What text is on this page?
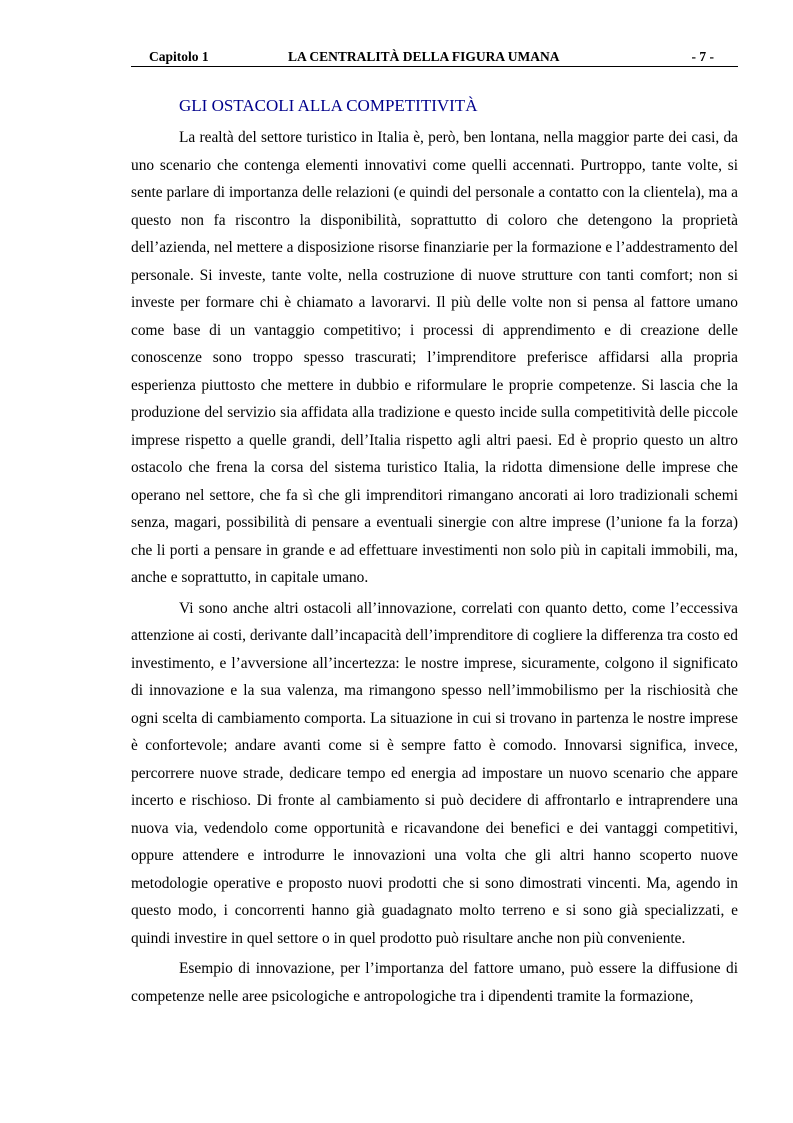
Capitolo 1	LA CENTRALITÀ DELLA FIGURA UMANA	- 7 -
GLI OSTACOLI ALLA COMPETITIVITÀ

La realtà del settore turistico in Italia è, però, ben lontana, nella maggior parte dei casi, da uno scenario che contenga elementi innovativi come quelli accennati. Purtroppo, tante volte, si sente parlare di importanza delle relazioni (e quindi del personale a contatto con la clientela), ma a questo non fa riscontro la disponibilità, soprattutto di coloro che detengono la proprietà dell’azienda, nel mettere a disposizione risorse finanziarie per la formazione e l’addestramento del personale. Si investe, tante volte, nella costruzione di nuove strutture con tanti comfort; non si investe per formare chi è chiamato a lavorarvi. Il più delle volte non si pensa al fattore umano come base di un vantaggio competitivo; i processi di apprendimento e di creazione delle conoscenze sono troppo spesso trascurati; l’imprenditore preferisce affidarsi alla propria esperienza piuttosto che mettere in dubbio e riformulare le proprie competenze. Si lascia che la produzione del servizio sia affidata alla tradizione e questo incide sulla competitività delle piccole imprese rispetto a quelle grandi, dell’Italia rispetto agli altri paesi. Ed è proprio questo un altro ostacolo che frena la corsa del sistema turistico Italia, la ridotta dimensione delle imprese che operano nel settore, che fa sì che gli imprenditori rimangano ancorati ai loro tradizionali schemi senza, magari, possibilità di pensare a eventuali sinergie con altre imprese (l’unione fa la forza) che li porti a pensare in grande e ad effettuare investimenti non solo più in capitali immobili, ma, anche e soprattutto, in capitale umano.

Vi sono anche altri ostacoli all’innovazione, correlati con quanto detto, come l’eccessiva attenzione ai costi, derivante dall’incapacità dell’imprenditore di cogliere la differenza tra costo ed investimento, e l’avversione all’incertezza: le nostre imprese, sicuramente, colgono il significato di innovazione e la sua valenza, ma rimangono spesso nell’immobilismo per la rischiosità che ogni scelta di cambiamento comporta. La situazione in cui si trovano in partenza le nostre imprese è confortevole; andare avanti come si è sempre fatto è comodo. Innovarsi significa, invece, percorrere nuove strade, dedicare tempo ed energia ad impostare un nuovo scenario che appare incerto e rischioso. Di fronte al cambiamento si può decidere di affrontarlo e intraprendere una nuova via, vedendolo come opportunità e ricavandone dei benefici e dei vantaggi competitivi, oppure attendere e introdurre le innovazioni una volta che gli altri hanno scoperto nuove metodologie operative e proposto nuovi prodotti che si sono dimostrati vincenti. Ma, agendo in questo modo, i concorrenti hanno già guadagnato molto terreno e si sono già specializzati, e quindi investire in quel settore o in quel prodotto può risultare anche non più conveniente.

Esempio di innovazione, per l’importanza del fattore umano, può essere la diffusione di competenze nelle aree psicologiche e antropologiche tra i dipendenti tramite la formazione,
